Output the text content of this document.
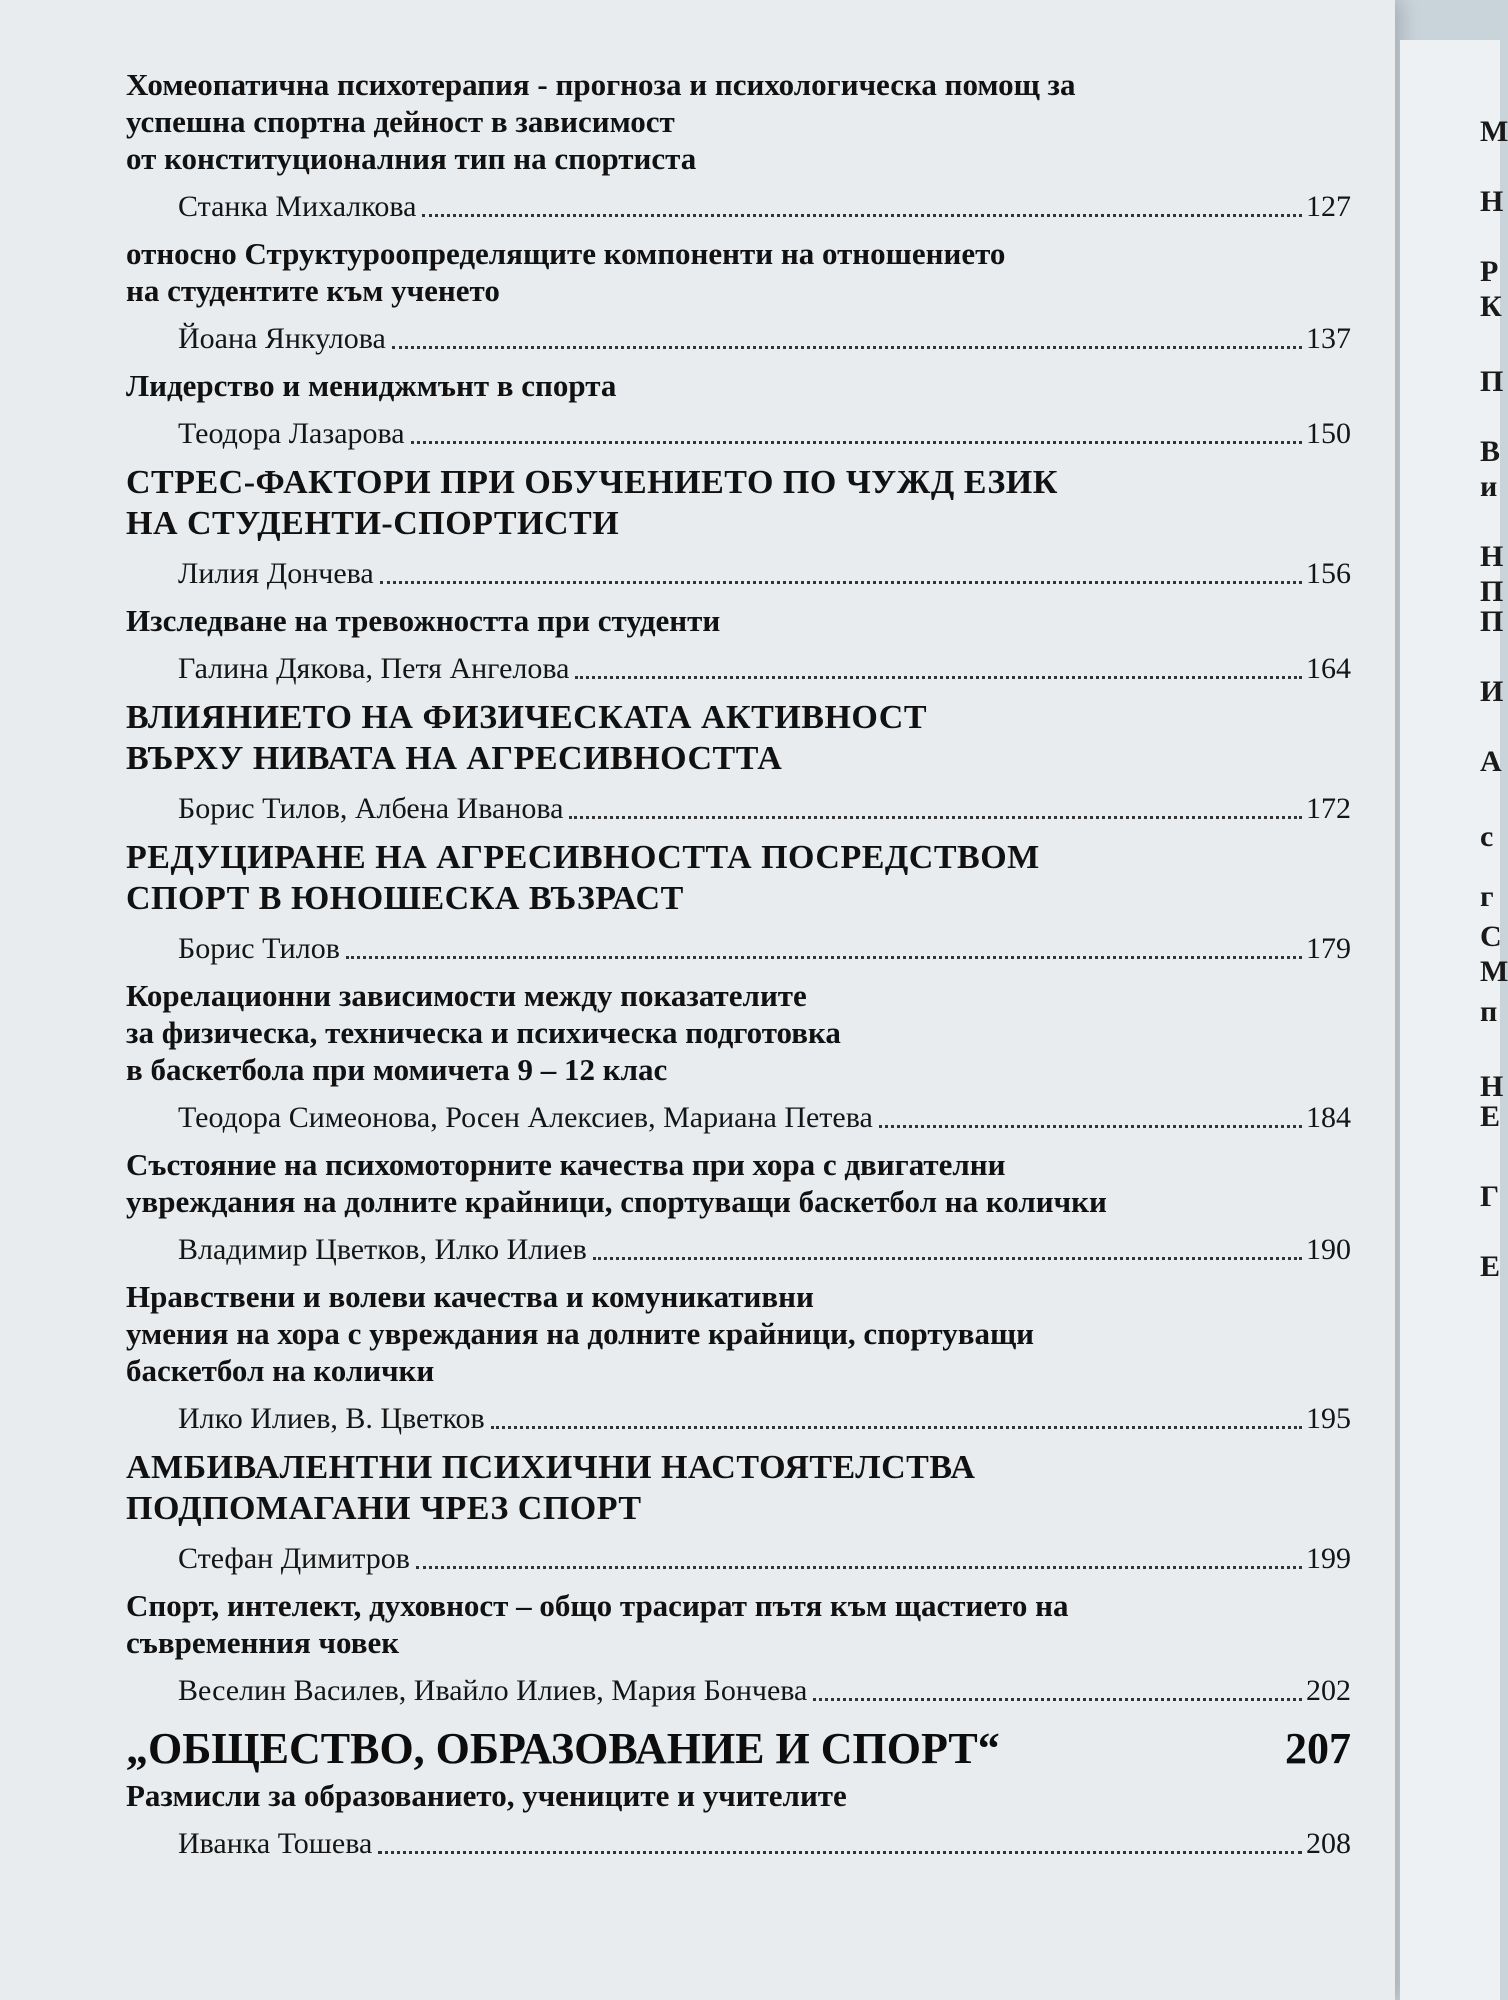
Хомеопатична психотерапия - прогноза и психологическа помощ за
успешна спортна дейност в зависимост
от конституционалния тип на спортиста
Станка Михалкова	127
относно Структуроопределящите компоненти на отношението
на студентите към ученето
Йоана Янкулова	137
Лидерство и мениджмънт в спорта
Теодора Лазарова	150
СТРЕС-ФАКТОРИ ПРИ ОБУЧЕНИЕТО ПО ЧУЖД ЕЗИК
НА СТУДЕНТИ-СПОРТИСТИ
Лилия Дончева	156
Изследване на тревожността при студенти
Галина Дякова, Петя Ангелова	164
ВЛИЯНИЕТО НА ФИЗИЧЕСКАТА АКТИВНОСТ
ВЪРХУ НИВАТА НА АГРЕСИВНОСТТА
Борис Тилов, Албена Иванова	172
РЕДУЦИРАНЕ НА АГРЕСИВНОСТТА ПОСРЕДСТВОМ
СПОРТ В ЮНОШЕСКА ВЪЗРАСТ
Борис Тилов	179
Корелационни зависимости между показателите
за физическа, техническа и психическа подготовка
в баскетбола при момичета 9 – 12 клас
Теодора Симеонова, Росен Алексиев, Мариана Петева	184
Състояние на психомоторните качества при хора с двигателни
увреждания на долните крайници, спортуващи баскетбол на колички
Владимир Цветков, Илко Илиев	190
Нравствени и волеви качества и комуникативни
умения на хора с увреждания на долните крайници, спортуващи
баскетбол на колички
Илко Илиев, В. Цветков	195
АМБИВАЛЕНТНИ ПСИХИЧНИ НАСТОЯТЕЛСТВА
ПОДПОМАГАНИ ЧРЕЗ СПОРТ
Стефан Димитров	199
Спорт, интелект, духовност – общо трасират пътя към щастието на
съвременния човек
Веселин Василев, Ивайло Илиев, Мария Бончева	202
„ОБЩЕСТВО, ОБРАЗОВАНИЕ И СПОРТ“	207
Размисли за образованието, учениците и учителите
Иванка Тошева	208
М
Н
Р
К
П
В
и
Н
П
П
И
А
с
г
С
М
п
Н
Е
Г
Е
